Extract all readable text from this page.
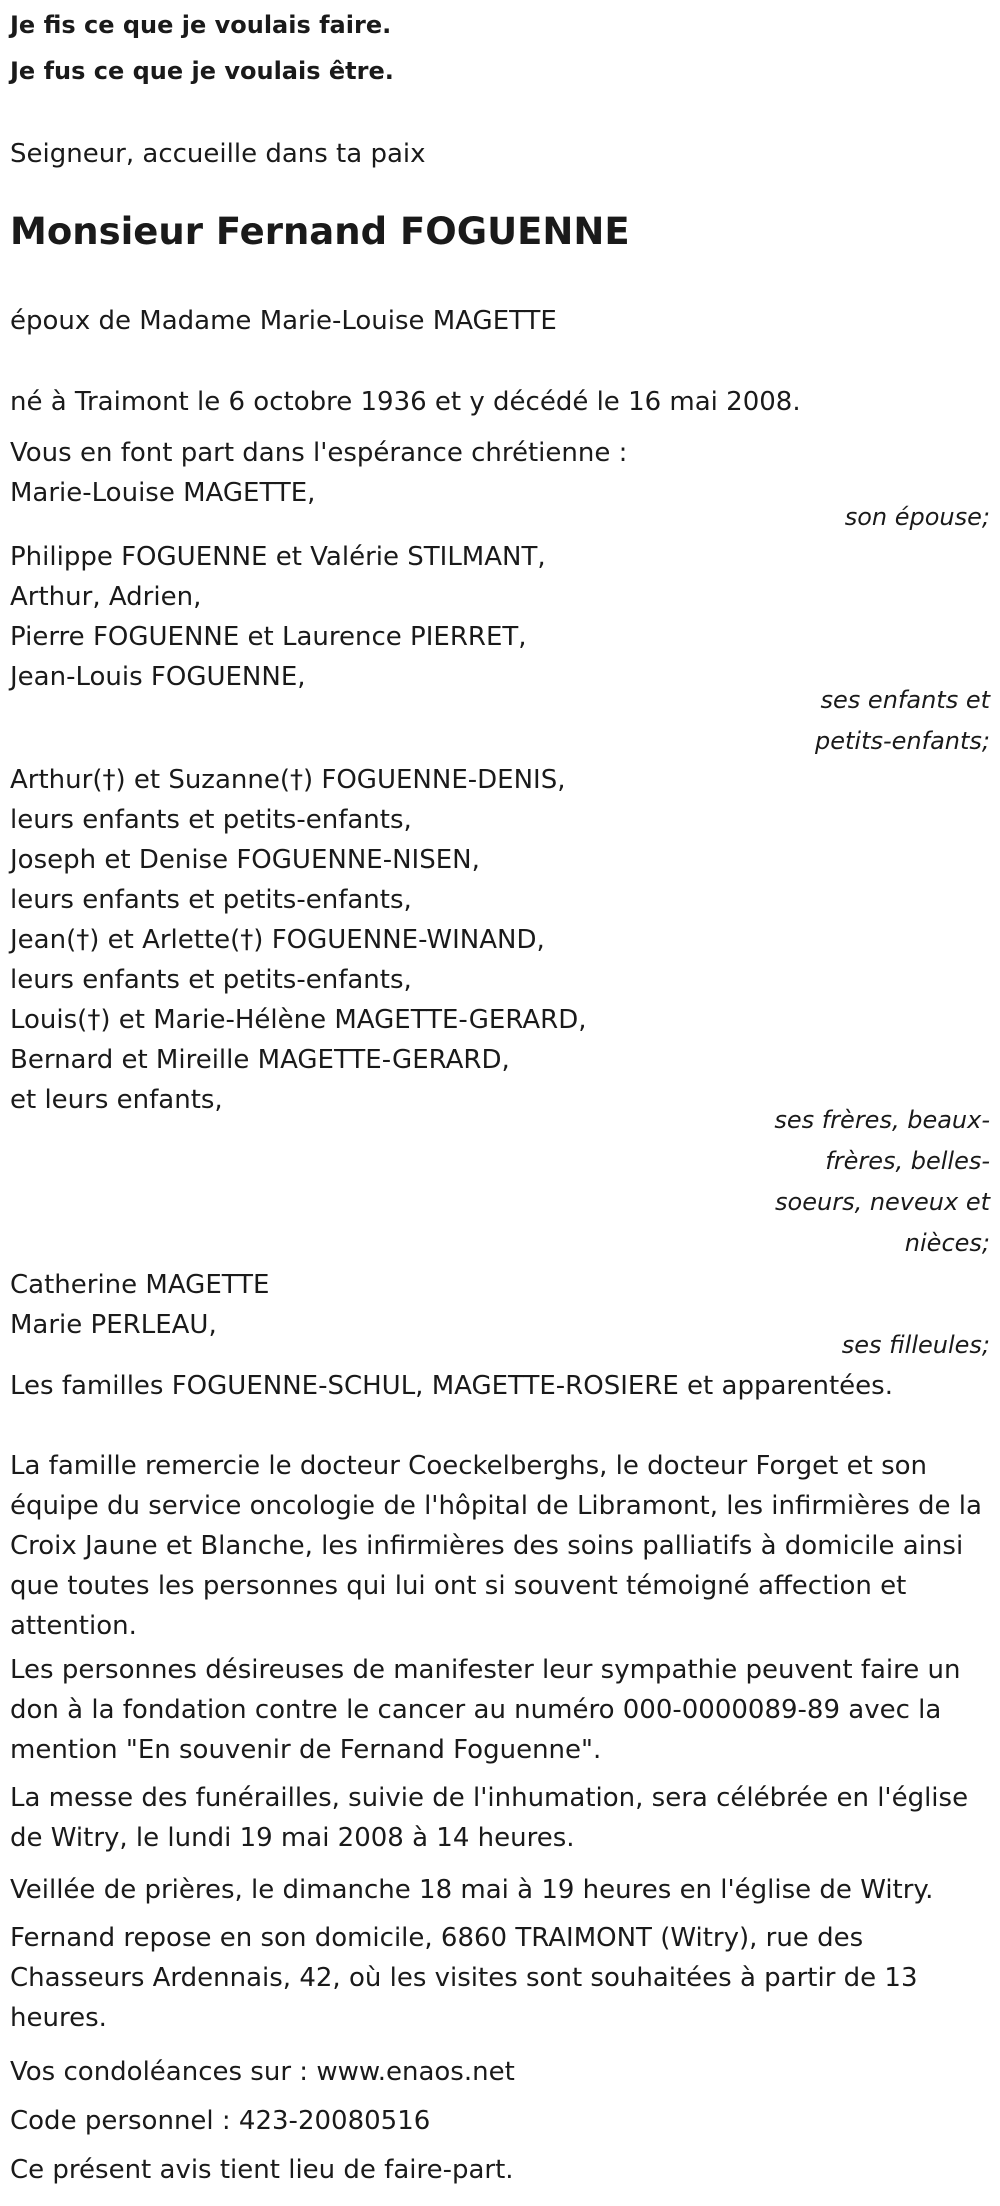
Je fis ce que je voulais faire.

Je fus ce que je voulais être.

Seigneur, accueille dans ta paix

Monsieur Fernand FOGUENNE

époux de Madame Marie-Louise MAGETTE

né à Traimont le 6 octobre 1936 et y décédé le 16 mai 2008.

Vous en font part dans l'espérance chrétienne :

Marie-Louise MAGETTE,
son épouse;
Philippe FOGUENNE et Valérie STILMANT,
Arthur, Adrien,
Pierre FOGUENNE et Laurence PIERRET,
Jean-Louis FOGUENNE,
ses enfants et petits-enfants;
Arthur(†) et Suzanne(†) FOGUENNE-DENIS,
leurs enfants et petits-enfants,
Joseph et Denise FOGUENNE-NISEN,
leurs enfants et petits-enfants,
Jean(†) et Arlette(†) FOGUENNE-WINAND,
leurs enfants et petits-enfants,
Louis(†) et Marie-Hélène MAGETTE-GERARD,
Bernard et Mireille MAGETTE-GERARD,
et leurs enfants,
ses frères, beaux-frères, belles-soeurs, neveux et nièces;
Catherine MAGETTE
Marie PERLEAU,
ses filleules;

Les familles FOGUENNE-SCHUL, MAGETTE-ROSIERE et apparentées.

La famille remercie le docteur Coeckelberghs, le docteur Forget et son équipe du service oncologie de l'hôpital de Libramont, les infirmières de la Croix Jaune et Blanche, les infirmières des soins palliatifs à domicile ainsi que toutes les personnes qui lui ont si souvent témoigné affection et attention.

Les personnes désireuses de manifester leur sympathie peuvent faire un don à la fondation contre le cancer au numéro 000-0000089-89 avec la mention "En souvenir de Fernand Foguenne".

La messe des funérailles, suivie de l'inhumation, sera célébrée en l'église de Witry, le lundi 19 mai 2008 à 14 heures.

Veillée de prières, le dimanche 18 mai à 19 heures en l'église de Witry.

Fernand repose en son domicile, 6860 TRAIMONT (Witry), rue des Chasseurs Ardennais, 42, où les visites sont souhaitées à partir de 13 heures.

Vos condoléances sur : www.enaos.net

Code personnel : 423-20080516

Ce présent avis tient lieu de faire-part.
